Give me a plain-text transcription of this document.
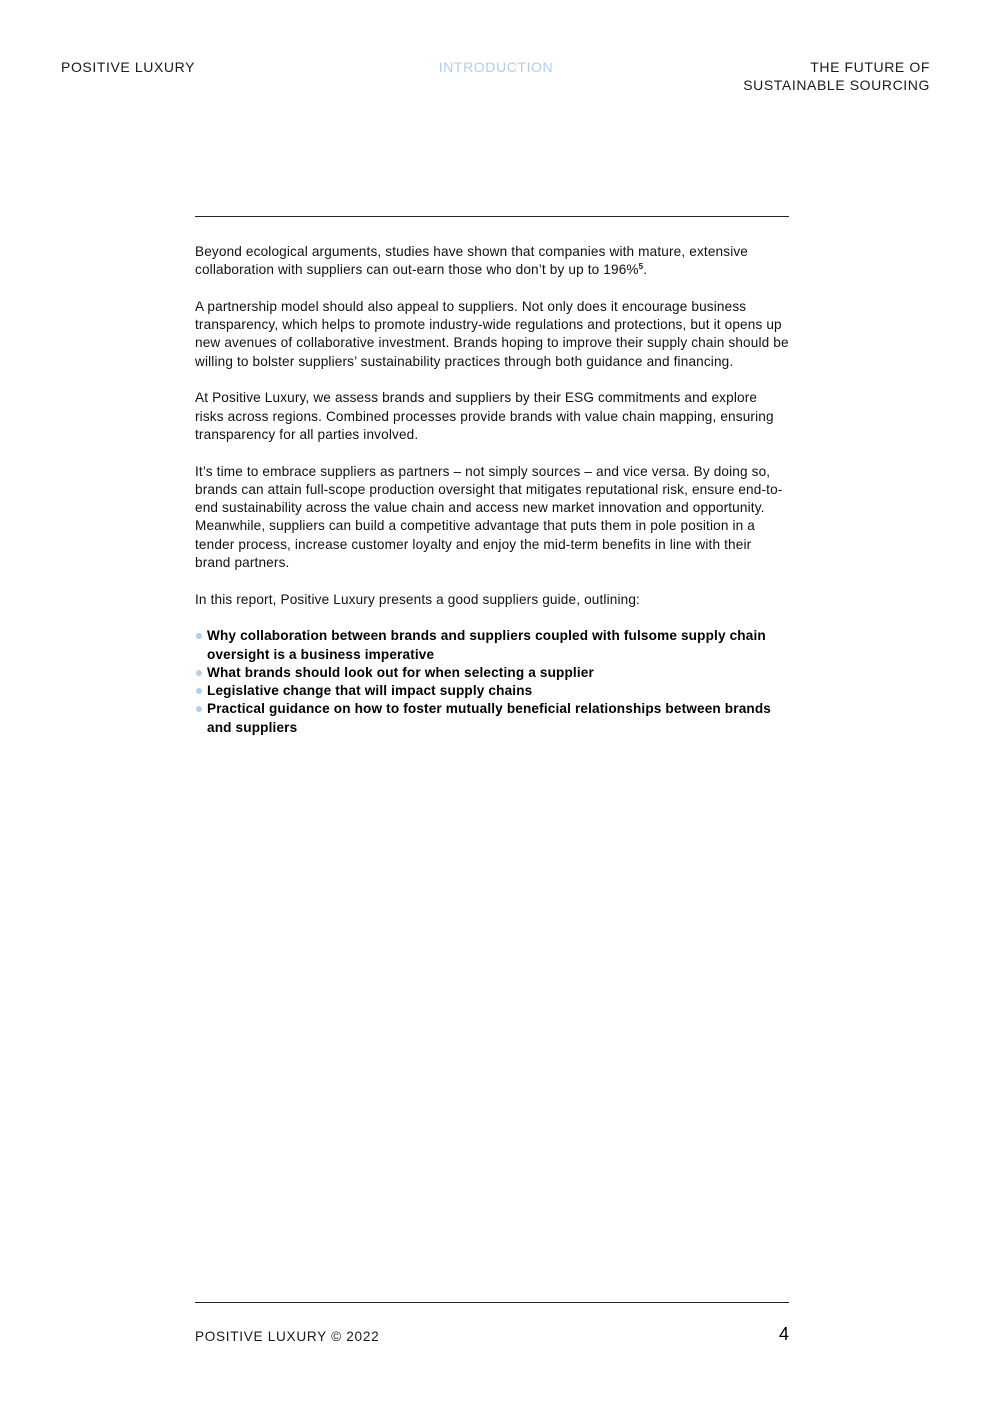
POSITIVE LUXURY	INTRODUCTION	THE FUTURE OF
SUSTAINABLE SOURCING

Beyond ecological arguments, studies have shown that companies with mature, extensive collaboration with suppliers can out-earn those who don’t by up to 196%$^5$.

A partnership model should also appeal to suppliers. Not only does it encourage business transparency, which helps to promote industry-wide regulations and protections, but it opens up new avenues of collaborative investment. Brands hoping to improve their supply chain should be willing to bolster suppliers’ sustainability practices through both guidance and financing.

At Positive Luxury, we assess brands and suppliers by their ESG commitments and explore risks across regions. Combined processes provide brands with value chain mapping, ensuring transparency for all parties involved.

It’s time to embrace suppliers as partners – not simply sources – and vice versa. By doing so, brands can attain full-scope production oversight that mitigates reputational risk, ensure end-to-end sustainability across the value chain and access new market innovation and opportunity. Meanwhile, suppliers can build a competitive advantage that puts them in pole position in a tender process, increase customer loyalty and enjoy the mid-term benefits in line with their brand partners.

In this report, Positive Luxury presents a good suppliers guide, outlining:

Why collaboration between brands and suppliers coupled with fulsome supply chain oversight is a business imperative
What brands should look out for when selecting a supplier
Legislative change that will impact supply chains
Practical guidance on how to foster mutually beneficial relationships between brands and suppliers
POSITIVE LUXURY © 2022	4
